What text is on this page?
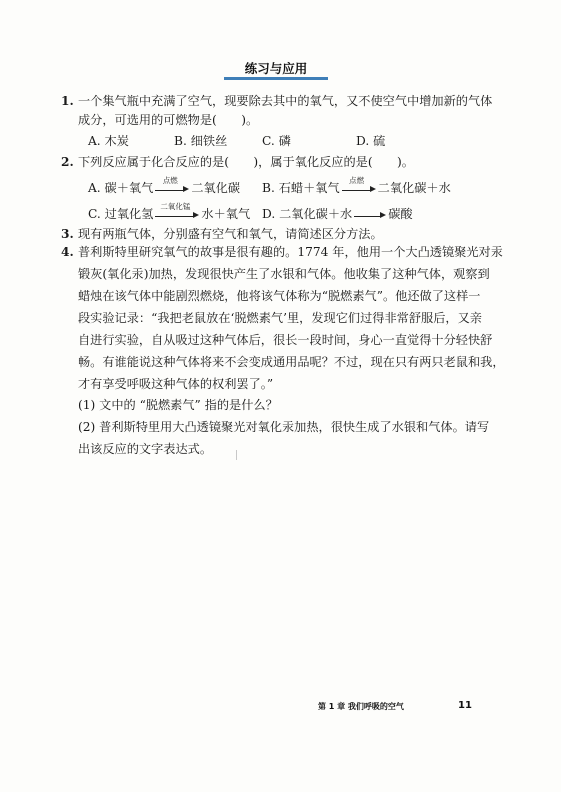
练习与应用
1. 一个集气瓶中充满了空气，现要除去其中的氧气，又不使空气中增加新的气体
成分，可选用的可燃物是(　　)。
A. 木炭	B. 细铁丝	C. 磷	D. 硫
2. 下列反应属于化合反应的是(　　)，属于氧化反应的是(　　)。
A. 碳＋氧气
点燃
二氧化碳 B. 石蜡＋氧气
点燃
二氧化碳＋水
C. 过氧化氢
二氧化锰
水＋氧气 D. 二氧化碳＋水	碳酸
3. 现有两瓶气体，分别盛有空气和氧气，请简述区分方法。
4. 普利斯特里研究氧气的故事是很有趣的。1774 年，他用一个大凸透镜聚光对汞
锻灰(氧化汞)加热，发现很快产生了水银和气体。他收集了这种气体，观察到
蜡烛在该气体中能剧烈燃烧，他将该气体称为“脱燃素气”。他还做了这样一
段实验记录：“我把老鼠放在‘脱燃素气’里，发现它们过得非常舒服后，又亲
自进行实验，自从吸过这种气体后，很长一段时间，身心一直觉得十分轻快舒
畅。有谁能说这种气体将来不会变成通用品呢？不过，现在只有两只老鼠和我，
才有享受呼吸这种气体的权利罢了。”
(1) 文中的 “脱燃素气” 指的是什么？
(2) 普利斯特里用大凸透镜聚光对氧化汞加热，很快生成了水银和气体。请写
出该反应的文字表达式。
第 1 章 我们呼吸的空气	11
